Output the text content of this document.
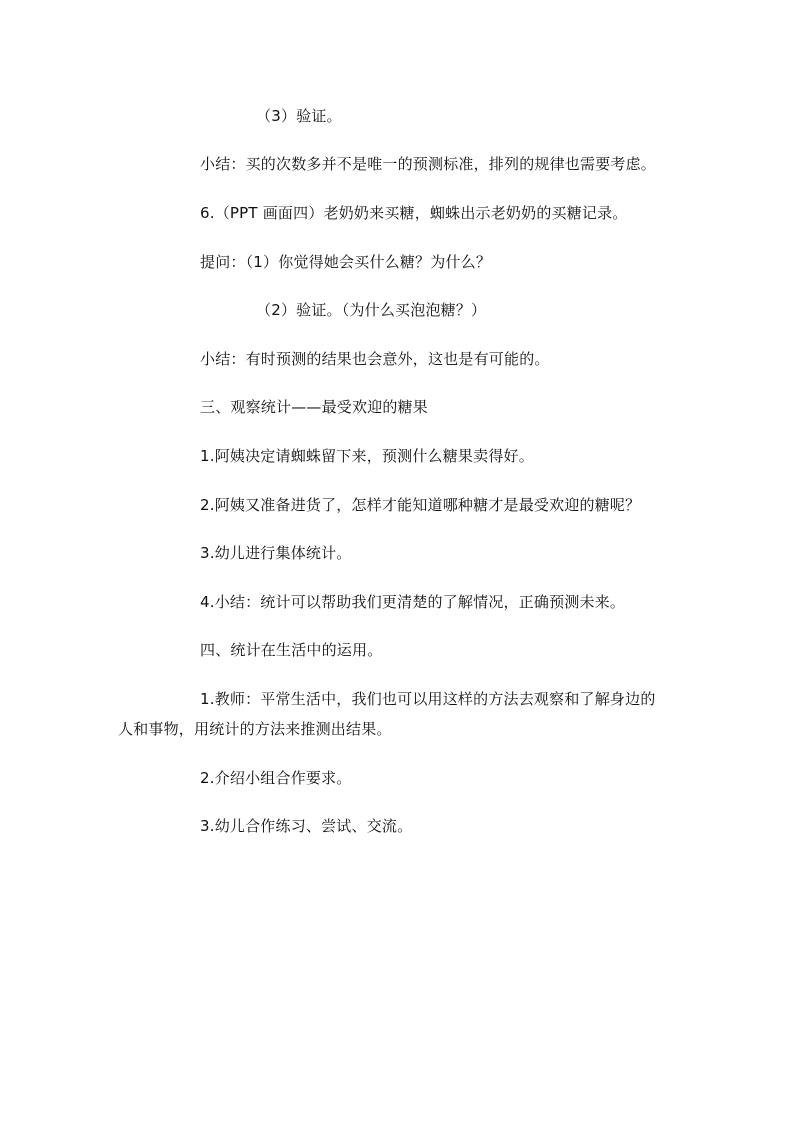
（3）验证。
小结：买的次数多并不是唯一的预测标准，排列的规律也需要考虑。
6.（PPT 画面四）老奶奶来买糖，蜘蛛出示老奶奶的买糖记录。
提问：（1）你觉得她会买什么糖？为什么？
（2）验证。（为什么买泡泡糖？）
小结：有时预测的结果也会意外，这也是有可能的。
三、观察统计——最受欢迎的糖果
1.阿姨决定请蜘蛛留下来，预测什么糖果卖得好。
2.阿姨又准备进货了，怎样才能知道哪种糖才是最受欢迎的糖呢？
3.幼儿进行集体统计。
4.小结：统计可以帮助我们更清楚的了解情况，正确预测未来。
四、统计在生活中的运用。
1.教师：平常生活中，我们也可以用这样的方法去观察和了解身边的
人和事物，用统计的方法来推测出结果。
2.介绍小组合作要求。
3.幼儿合作练习、尝试、交流。
